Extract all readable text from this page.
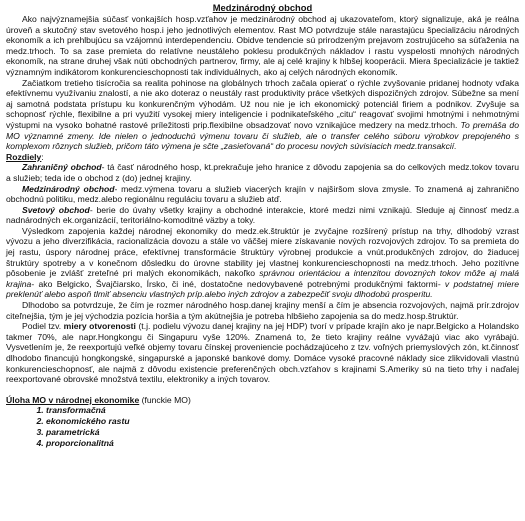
Medzinárodný obchod

Ako najvýznamejšia súčasť vonkajších hosp.vzťahov je medzinárodný obchod aj ukazovateľom, ktorý signalizuje, aká je reálna úroveň a skutočný stav svetového hosp.i jeho jednotlivých elementov. Rast MO potvrdzuje stále narastajúcu špecializáciu národných ekonomík a ich prehlbujúcu sa vzájomnú interdependenciu. Obidve tendencie sú prirodzeným prejavom zostrujúceho sa súťaženia na medz.trhoch. To sa zase premieta do relatívne neustáleho poklesu produkčných nákladov i rastu vyspelosti mnohých národných ekonomík, na strane druhej však núti obchodných partnerov, firmy, ale aj celé krajiny k hlbšej kooperácii. Miera špecializácie je taktiež významným indikátorom konkurencieschopnosti tak individuálnych, ako aj celých národných ekonomík.

Začiatkom tretieho tisícročia sa realita pohinose na globálnych trhoch začala opierať o rýchle zvyšovanie pridanej hodnoty vďaka efektívnemu využívaniu znalostí, a nie ako doteraz o neustály rast produktivity práce všetkých dispozičných zdrojov. Súbežne sa mení aj samotná podstata prístupu ku konkurenčným výhodám. Už nou nie je ich ekonomický potenciál firiem a podnikov. Zvyšuje sa schopnosť rýchle, flexibilne a pri využití vysokej miery inteligencie i podnikateľského „citu“ reagovať svojimi hmotnými i nehmotnými výstupmi na vysoko bohatné rastové príležitosti prip.flexibilne obsadzovať novo vznikajúce medzery na medz.trhoch. To premáša do MO významné zmeny. Ide nielen o jednoduchú výmenu tovaru či služieb, ale o transfer celého súboru výrobkov prepojeného s komplexom rôznych služieb, pričom táto výmena je sčte „zasieťovaná“ do procesu nových súvisiacich medz.transakcií.

Rozdiely:

Zahraničný obchod- tá časť národného hosp, kt.prekračuje jeho hranice z dôvodu zapojenia sa do celkových medz.tokov tovaru a služieb; teda ide o obchod z (do) jednej krajiny.

Medzinárodný obchod- medz.výmena tovaru a služieb viacerých krajín v najširšom slova zmysle. To znamená aj zahranično obchodnú politiku, medz.alebo regionálnu reguláciu tovaru a služieb atď.

Svetový obchod- berie do úvahy všetky krajiny a obchodné interakcie, ktoré medzi nimi vznikajú. Sleduje aj činnosť medz.a nadnárodných ek.organizácií, teritoriálno-komoditné väzby a toky.

Výsledkom zapojenia každej národnej ekonomiky do medz.ek.štruktúr je zvyčajne rozšírený prístup na trhy, dlhodobý vzrast vývozu a jeho diverzifikácia, racionalizácia dovozu a stále vo väčšej miere získavanie nových rozvojových zdrojov. To sa premieta do jej rastu, úspory národnej práce, efektívnej transformácie štruktúry výrobnej produkcie a vnút.produkčných zdrojov, do žiaducej štruktúry spotreby a v konečnom dôsledku do úrovne stability jej vlastnej konkurencieschopnosti na medz.trhoch. Jeho pozitívne pôsobenie je zvlášť zreteľné pri malých ekonomikách, nakoľko správnou orientáciou a intenzitou dovozných tokov môže aj malá krajina- ako Belgicko, Švajčiarsko, Írsko, či iné, dostatočne nedovybavené potrebnými produkčnými faktormi- v podstatnej miere preklenúť alebo aspoň tlmiť absenciu vlastných príp.alebo iných zdrojov a zabezpečiť svoju dlhodobú prosperitu.

Dlhodobo sa potvrdzuje, že čím je rozmer národného hosp.danej krajiny menší a čím je absencia rozvojových, najmä prír.zdrojov citeľnejšia, tým je jej východzia pozícia horšia a tým akútnejšia je potreba hlbšieho zapojenia sa do medz.hosp.štruktúr.

Podiel tzv. miery otvorenosti (t.j. podielu vývozu danej krajiny na jej HDP) tvorí v prípade krajín ako je napr.Belgicko a Holandsko takmer 70%, ale napr.Hongkongu či Singapuru vyše 120%. Znamená to, že tieto krajiny reálne vyvážajú viac ako vyrábajú. Vysvetlením je, že reexportujú veľké objemy tovaru čínskej proveniencie pochádzajúceho z tzv. voľných priemyslových zón, kt.činnosť dlhodobo financujú hongkongské, singapurské a japonské bankové domy. Domáce vysoké pracovné náklady sice zlikvidovali vlastnú konkurencieschopnosť, ale najmä z dôvodu existencie preferenčných obch.vzťahov s krajinami S.Ameriky sú na tieto trhy i naďalej reexportované obrovské množstvá textilu, elektroniky a iných tovarov.

Úloha MO v národnej ekonomike (funckie MO)

1. transformačná
2. ekonomického rastu
3. parametrická
4. proporcionalitná
